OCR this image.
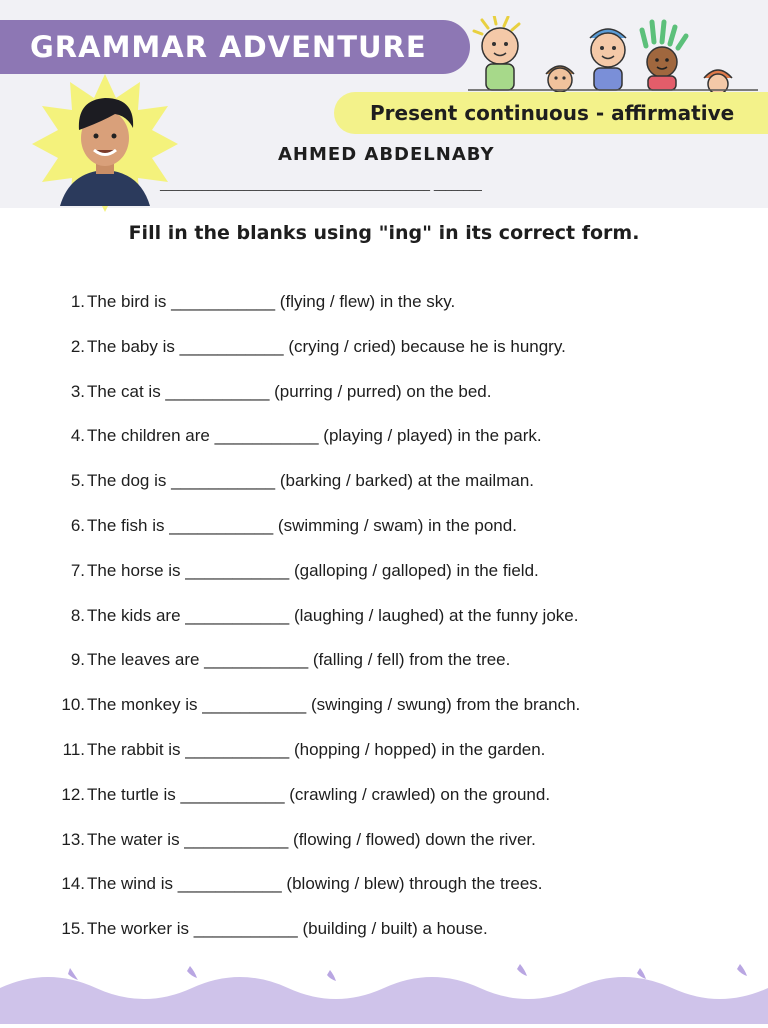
GRAMMAR ADVENTURE
Present continuous - affirmative
AHMED ABDELNABY
_____________________________________________ ________
Fill in the blanks using "ing" in its correct form.
1. The bird is ___________ (flying / flew) in the sky.
2. The baby is ___________ (crying / cried) because he is hungry.
3. The cat is ___________ (purring / purred) on the bed.
4. The children are ___________ (playing / played) in the park.
5. The dog is ___________ (barking / barked) at the mailman.
6. The fish is ___________ (swimming / swam) in the pond.
7. The horse is ___________ (galloping / galloped) in the field.
8. The kids are ___________ (laughing / laughed) at the funny joke.
9. The leaves are ___________ (falling / fell) from the tree.
10. The monkey is ___________ (swinging / swung) from the branch.
11. The rabbit is ___________ (hopping / hopped) in the garden.
12. The turtle is ___________ (crawling / crawled) on the ground.
13. The water is ___________ (flowing / flowed) down the river.
14. The wind is ___________ (blowing / blew) through the trees.
15. The worker is ___________ (building / built) a house.
